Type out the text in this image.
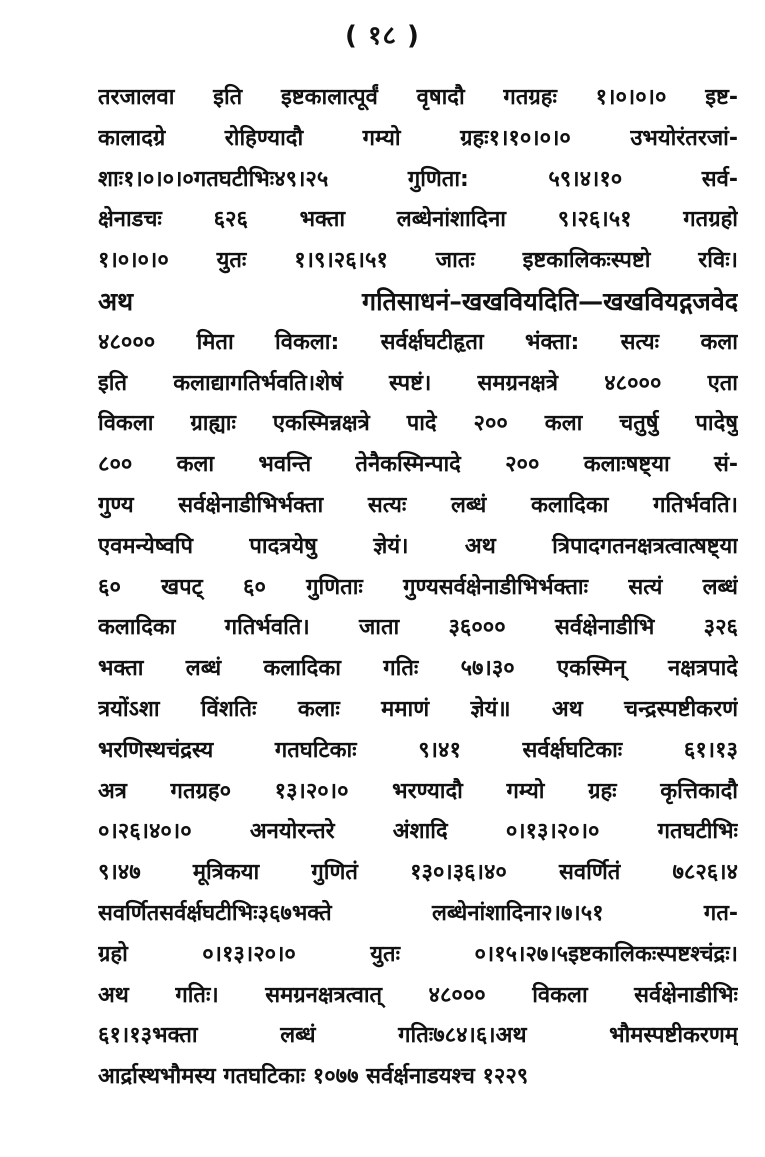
( १८ )
तरजालवा इति इष्टकालात्पूर्वं वृषादौ गतग्रहः १।०।०।० इष्ट-
कालादग्रे रोहिण्यादौ गम्यो ग्रहः१।१०।०।० उभयोरंतरजां-
शाः१।०।०।०गतघटीभिः४९।२५ गुणिता: ५९।४।१० सर्व-
क्षेनाडचः ६२६ भक्ता लब्धेनांशादिना ९।२६।५१ गतग्रहो
१।०।०।० युतः १।९।२६।५१ जातः इष्टकालिकःस्पष्टो रविः।
अथ गतिसाधनं–खखवियदिति—खखवियद्गजवेद
४८००० मिता विकला: सर्वर्क्षघटीहृता भंक्ता: सत्यः कला
इति कलाद्यागतिर्भवति।शेषं स्पष्टं। समग्रनक्षत्रे ४८००० एता
विकला ग्राह्याः एकस्मिन्नक्षत्रे पादे २०० कला चतुर्षु पादेषु
८०० कला भवन्ति तेनैकस्मिन्पादे २०० कलाःषष्ट्या सं-
गुण्य सर्वक्षेनाडीभिर्भक्ता सत्यः लब्धं कलादिका गतिर्भवति।
एवमन्येष्वपि पादत्रयेषु ज्ञेयं। अथ त्रिपादगतनक्षत्रत्वात्षष्ट्या
६० खपट् ६० गुणिताः गुण्यसर्वक्षेनाडीभिर्भक्ताः सत्यं लब्धं
कलादिका गतिर्भवति। जाता ३६००० सर्वक्षेनाडीभि ३२६
भक्ता लब्धं कलादिका गतिः ५७।३० एकस्मिन् नक्षत्रपादे
त्रयोंऽशा विंशतिः कलाः ममाणं ज्ञेयं॥ अथ चन्द्रस्पष्टीकरणं
भरणिस्थचंद्रस्य गतघटिकाः ९।४१ सर्वर्क्षघटिकाः ६१।१३
अत्र गतग्रह० १३।२०।० भरण्यादौ गम्यो ग्रहः कृत्तिकादौ
०।२६।४०।० अनयोरन्तरे अंशादि ०।१३।२०।० गतघटीभिः
९।४७ मूत्रिकया गुणितं १३०।३६।४० सवर्णितं ७८२६।४
सवर्णितसर्वर्क्षघटीभिः३६७भक्ते लब्धेनांशादिना२।७।५१ गत-
ग्रहो ०।१३।२०।० युतः ०।१५।२७।५इष्टकालिकःस्पष्टश्चंद्रः।
अथ गतिः। समग्रनक्षत्रत्वात् ४८००० विकला सर्वक्षेनाडीभिः
६१।१३भक्ता लब्धं गतिः७८४।६।अथ भौमस्पष्टीकरणम्
आर्द्रास्थभौमस्य गतघटिकाः १०७७ सर्वर्क्षनाडयश्च १२२९
